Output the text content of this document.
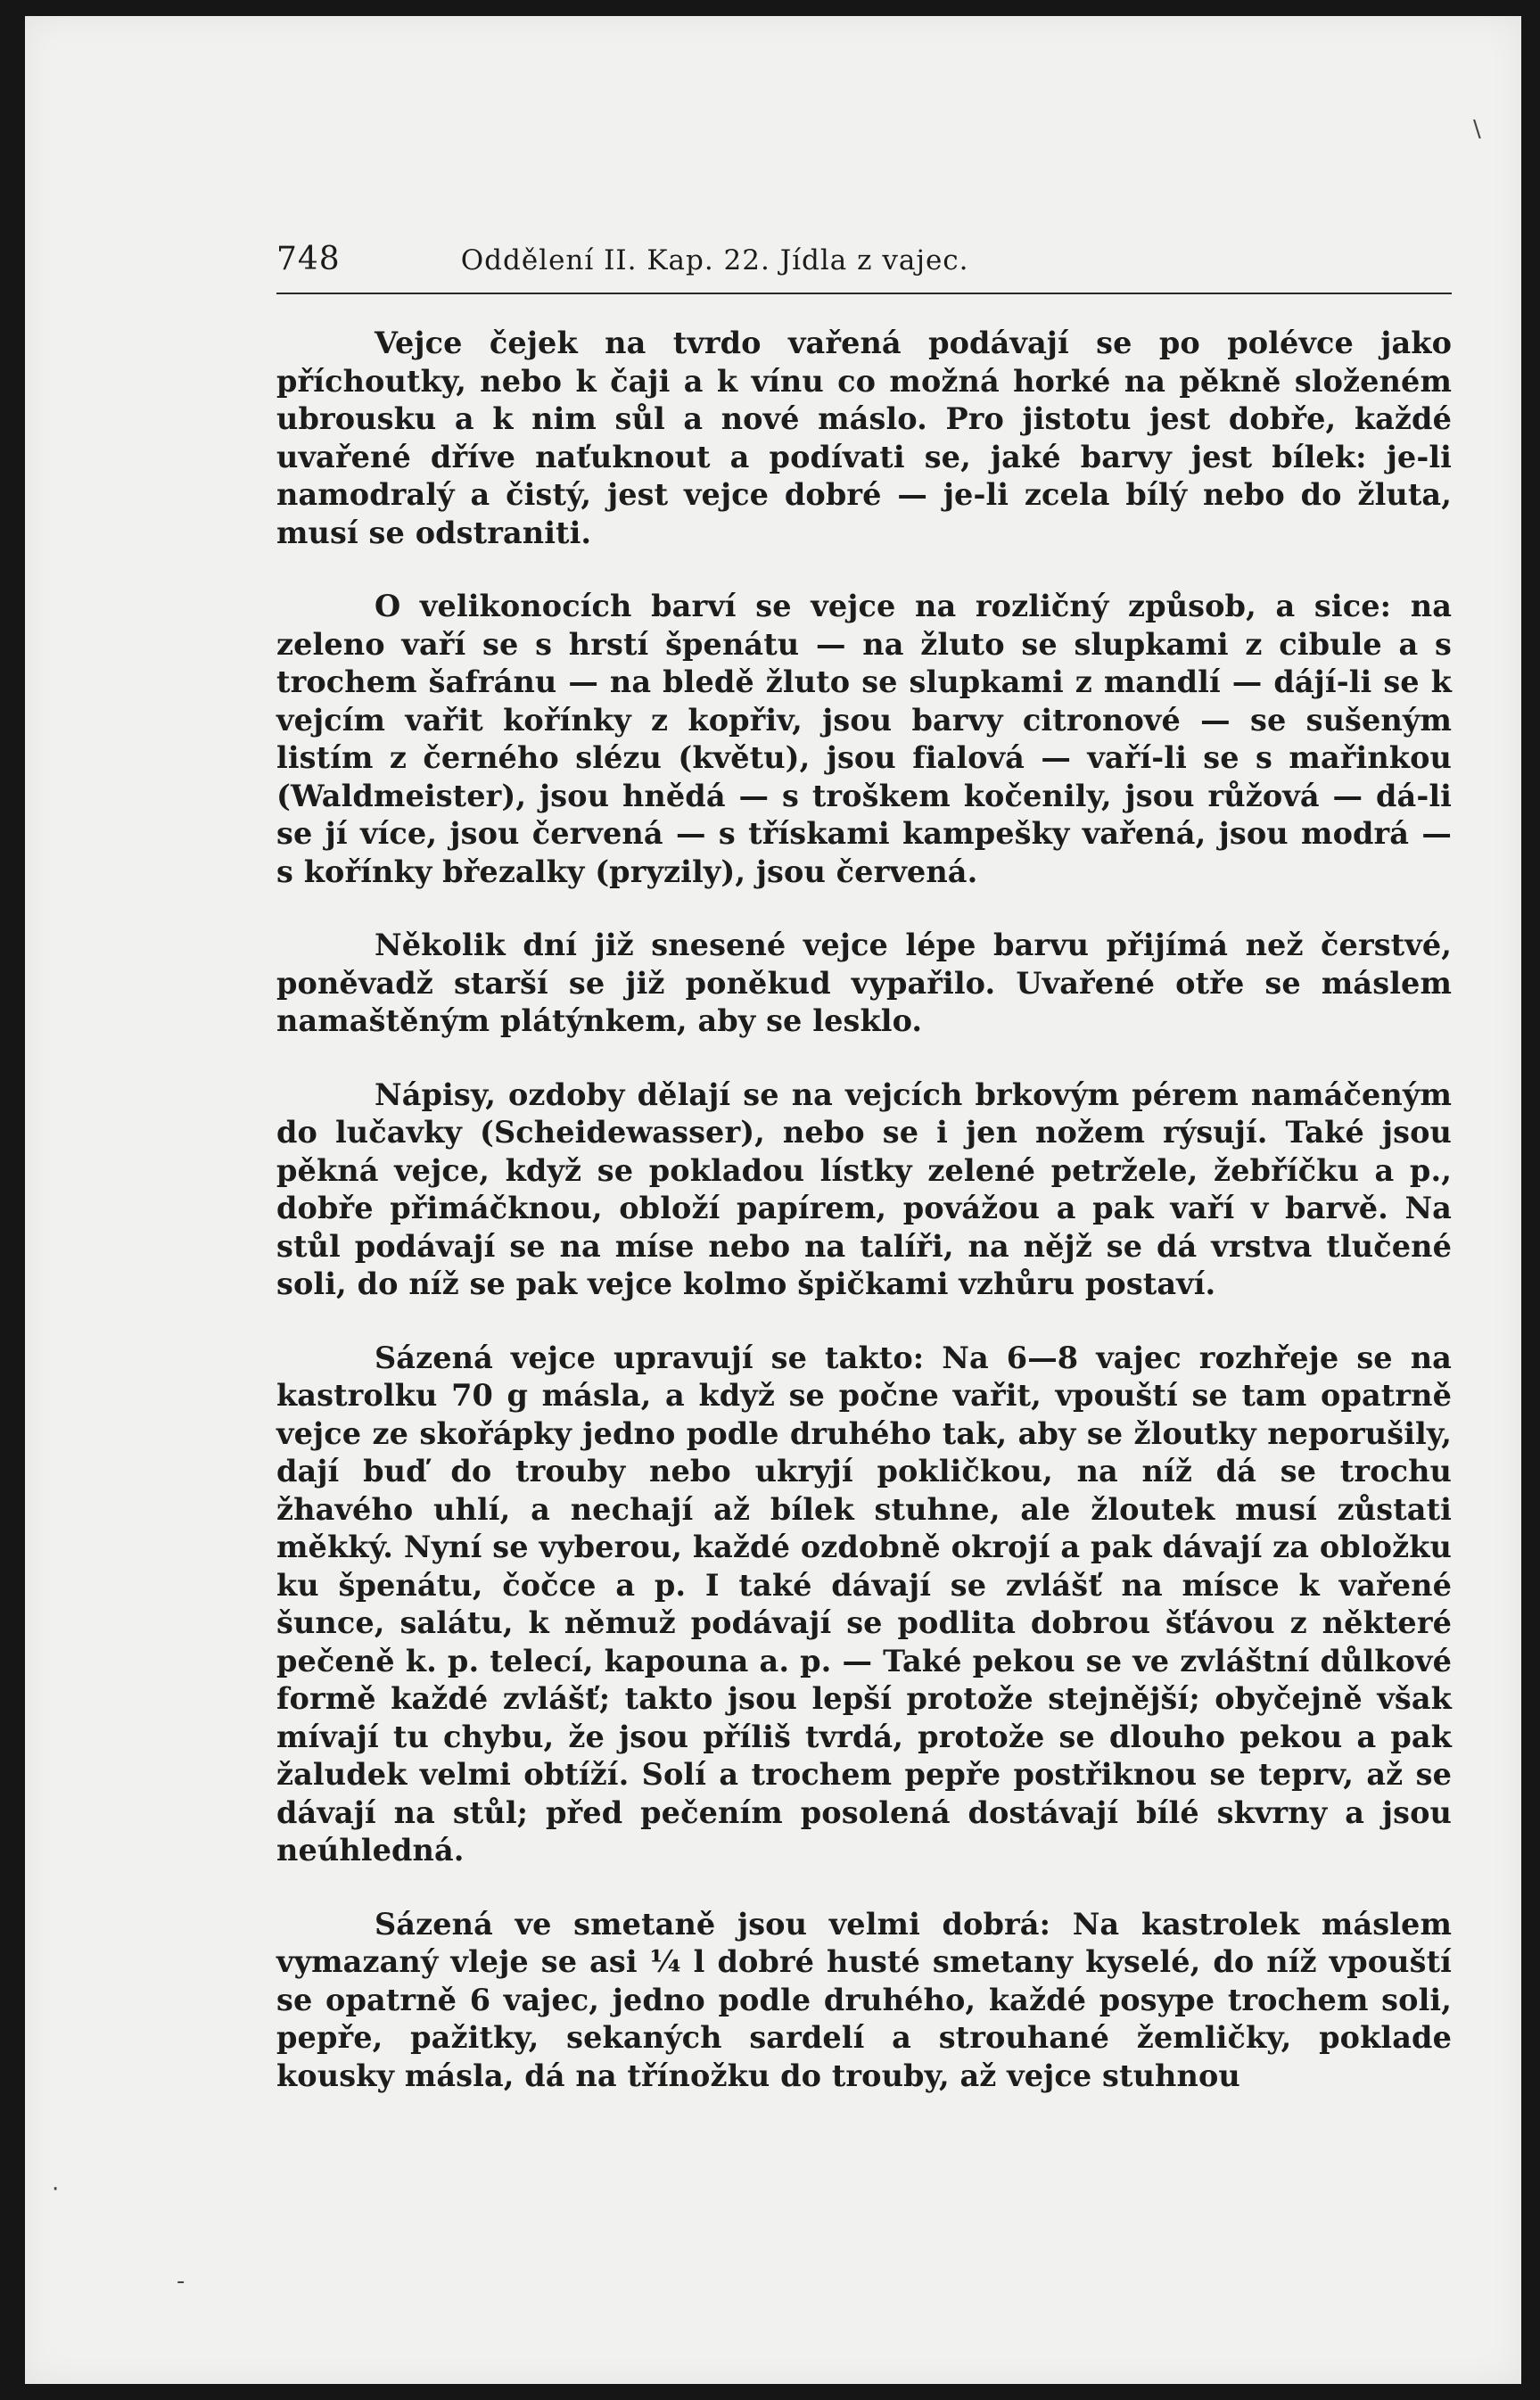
748	Oddělení II. Kap. 22. Jídla z vajec.

Vejce čejek na tvrdo vařená podávají se po polévce jako příchoutky, nebo k čaji a k vínu co možná horké na pěkně složeném ubrousku a k nim sůl a nové máslo. Pro jistotu jest dobře, každé uvařené dříve naťuknout a podívati se, jaké barvy jest bílek: je-li namodralý a čistý, jest vejce dobré — je-li zcela bílý nebo do žluta, musí se odstraniti.

O velikonocích barví se vejce na rozličný způsob, a sice: na zeleno vaří se s hrstí špenátu — na žluto se slupkami z cibule a s trochem šafránu — na bledě žluto se slupkami z mandlí — dájí-li se k vejcím vařit kořínky z kopřiv, jsou barvy citronové — se sušeným listím z černého slézu (květu), jsou fialová — vaří-li se s mařinkou (Waldmeister), jsou hnědá — s troškem kočenily, jsou růžová — dá-li se jí více, jsou červená — s třískami kampešky vařená, jsou modrá — s kořínky březalky (pryzily), jsou červená.

Několik dní již snesené vejce lépe barvu přijímá než čerstvé, poněvadž starší se již poněkud vypařilo. Uvařené otře se máslem namaštěným plátýnkem, aby se lesklo.

Nápisy, ozdoby dělají se na vejcích brkovým pérem namáčeným do lučavky (Scheidewasser), nebo se i jen nožem rýsují. Také jsou pěkná vejce, když se pokladou lístky zelené petržele, žebříčku a p., dobře přimáčknou, obloží papírem, povážou a pak vaří v barvě. Na stůl podávají se na míse nebo na talíři, na nějž se dá vrstva tlučené soli, do níž se pak vejce kolmo špičkami vzhůru postaví.

Sázená vejce upravují se takto: Na 6—8 vajec rozhřeje se na kastrolku 70 g másla, a když se počne vařit, vpouští se tam opatrně vejce ze skořápky jedno podle druhého tak, aby se žloutky neporušily, dají buď do trouby nebo ukryjí pokličkou, na níž dá se trochu žhavého uhlí, a nechají až bílek stuhne, ale žloutek musí zůstati měkký. Nyní se vyberou, každé ozdobně okrojí a pak dávají za obložku ku špenátu, čočce a p. I také dávají se zvlášť na mísce k vařené šunce, salátu, k němuž podávají se podlita dobrou šťávou z některé pečeně k. p. telecí, kapouna a. p. — Také pekou se ve zvláštní důlkové formě každé zvlášť; takto jsou lepší protože stejnější; obyčejně však mívají tu chybu, že jsou příliš tvrdá, protože se dlouho pekou a pak žaludek velmi obtíží. Solí a trochem pepře postřiknou se teprv, až se dávají na stůl; před pečením posolená dostávají bílé skvrny a jsou neúhledná.

Sázená ve smetaně jsou velmi dobrá: Na kastrolek máslem vymazaný vleje se asi ¼ l dobré husté smetany kyselé, do níž vpouští se opatrně 6 vajec, jedno podle druhého, každé posype trochem soli, pepře, pažitky, sekaných sardelí a strouhané žemličky, poklade kousky másla, dá na třínožku do trouby, až vejce stuhnou

\
·
-
